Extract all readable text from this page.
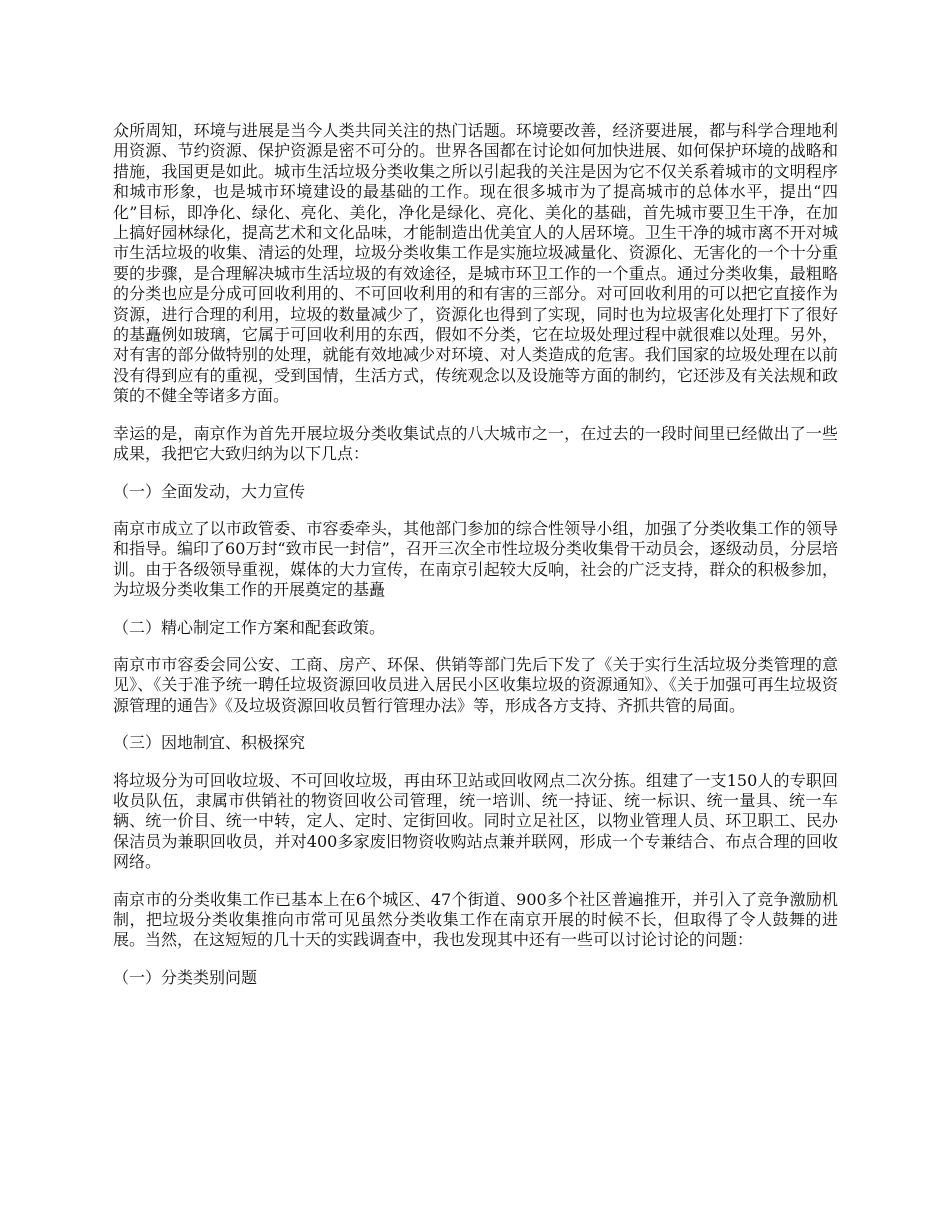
众所周知，环境与进展是当今人类共同关注的热门话题。环境要改善，经济要进展，都与科学合理地利用资源、节约资源、保护资源是密不可分的。世界各国都在讨论如何加快进展、如何保护环境的战略和措施，我国更是如此。城市生活垃圾分类收集之所以引起我的关注是因为它不仅关系着城市的文明程序和城市形象，也是城市环境建设的最基础的工作。现在很多城市为了提高城市的总体水平，提出“四化”目标，即净化、绿化、亮化、美化，净化是绿化、亮化、美化的基础，首先城市要卫生干净，在加上搞好园林绿化，提高艺术和文化品味，才能制造出优美宜人的人居环境。卫生干净的城市离不开对城市生活垃圾的收集、清运的处理，垃圾分类收集工作是实施垃圾减量化、资源化、无害化的一个十分重要的步骤，是合理解决城市生活垃圾的有效途径，是城市环卫工作的一个重点。通过分类收集，最粗略的分类也应是分成可回收利用的、不可回收利用的和有害的三部分。对可回收利用的可以把它直接作为资源，进行合理的利用，垃圾的数量减少了，资源化也得到了实现，同时也为垃圾害化处理打下了很好的基矗例如玻璃，它属于可回收利用的东西，假如不分类，它在垃圾处理过程中就很难以处理。另外，对有害的部分做特别的处理，就能有效地减少对环境、对人类造成的危害。我们国家的垃圾处理在以前没有得到应有的重视，受到国情，生活方式，传统观念以及设施等方面的制约，它还涉及有关法规和政策的不健全等诸多方面。

幸运的是，南京作为首先开展垃圾分类收集试点的八大城市之一，在过去的一段时间里已经做出了一些成果，我把它大致归纳为以下几点：

（一）全面发动，大力宣传

南京市成立了以市政管委、市容委牵头，其他部门参加的综合性领导小组，加强了分类收集工作的领导和指导。编印了60万封“致市民一封信”，召开三次全市性垃圾分类收集骨干动员会，逐级动员，分层培训。由于各级领导重视，媒体的大力宣传，在南京引起较大反响，社会的广泛支持，群众的积极参加，为垃圾分类收集工作的开展奠定的基矗

（二）精心制定工作方案和配套政策。

南京市市容委会同公安、工商、房产、环保、供销等部门先后下发了《关于实行生活垃圾分类管理的意见》、《关于准予统一聘任垃圾资源回收员进入居民小区收集垃圾的资源通知》、《关于加强可再生垃圾资源管理的通告》《及垃圾资源回收员暂行管理办法》等，形成各方支持、齐抓共管的局面。

（三）因地制宜、积极探究

将垃圾分为可回收垃圾、不可回收垃圾，再由环卫站或回收网点二次分拣。组建了一支150人的专职回收员队伍，隶属市供销社的物资回收公司管理，统一培训、统一持证、统一标识、统一量具、统一车辆、统一价目、统一中转，定人、定时、定街回收。同时立足社区，以物业管理人员、环卫职工、民办保洁员为兼职回收员，并对400多家废旧物资收购站点兼并联网，形成一个专兼结合、布点合理的回收网络。

南京市的分类收集工作已基本上在6个城区、47个街道、900多个社区普遍推开，并引入了竞争激励机制，把垃圾分类收集推向市常可见虽然分类收集工作在南京开展的时候不长，但取得了令人鼓舞的进展。当然，在这短短的几十天的实践调查中，我也发现其中还有一些可以讨论讨论的问题：

（一）分类类别问题
